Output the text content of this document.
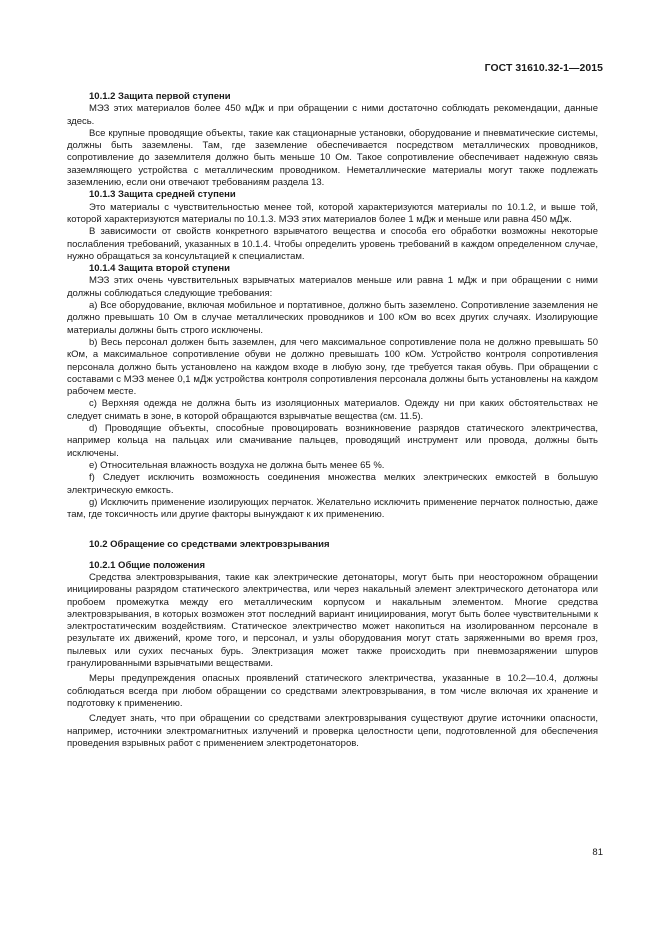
ГОСТ 31610.32-1—2015
10.1.2 Защита первой ступени

МЭЗ этих материалов более 450 мДж и при обращении с ними достаточно соблюдать рекомендации, данные здесь.

Все крупные проводящие объекты, такие как стационарные установки, оборудование и пневматические системы, должны быть заземлены. Там, где заземление обеспечивается посредством металлических проводников, сопротивление до заземлителя должно быть меньше 10 Ом. Такое сопротивление обеспечивает надежную связь заземляющего устройства с металлическим проводником. Неметаллические материалы могут также подлежать заземлению, если они отвечают требованиям раздела 13.

10.1.3 Защита средней ступени

Это материалы с чувствительностью менее той, которой характеризуются материалы по 10.1.2, и выше той, которой характеризуются материалы по 10.1.3. МЭЗ этих материалов более 1 мДж и меньше или равна 450 мДж.

В зависимости от свойств конкретного взрывчатого вещества и способа его обработки возможны некоторые послабления требований, указанных в 10.1.4. Чтобы определить уровень требований в каждом определенном случае, нужно обращаться за консультацией к специалистам.

10.1.4 Защита второй ступени

МЭЗ этих очень чувствительных взрывчатых материалов меньше или равна 1 мДж и при обращении с ними должны соблюдаться следующие требования:

a) Все оборудование, включая мобильное и портативное, должно быть заземлено. Сопротивление заземления не должно превышать 10 Ом в случае металлических проводников и 100 кОм во всех других случаях. Изолирующие материалы должны быть строго исключены.

b) Весь персонал должен быть заземлен, для чего максимальное сопротивление пола не должно превышать 50 кОм, а максимальное сопротивление обуви не должно превышать 100 кОм. Устройство контроля сопротивления персонала должно быть установлено на каждом входе в любую зону, где требуется такая обувь. При обращении с составами с МЭЗ менее 0,1 мДж устройства контроля сопротивления персонала должны быть установлены на каждом рабочем месте.

c) Верхняя одежда не должна быть из изоляционных материалов. Одежду ни при каких обстоятельствах не следует снимать в зоне, в которой обращаются взрывчатые вещества (см. 11.5).

d) Проводящие объекты, способные провоцировать возникновение разрядов статического электричества, например кольца на пальцах или смачивание пальцев, проводящий инструмент или провода, должны быть исключены.

e) Относительная влажность воздуха не должна быть менее 65 %.

f) Следует исключить возможность соединения множества мелких электрических емкостей в большую электрическую емкость.

g) Исключить применение изолирующих перчаток. Желательно исключить применение перчаток полностью, даже там, где токсичность или другие факторы вынуждают к их применению.

10.2 Обращение со средствами электровзрывания
10.2.1 Общие положения

Средства электровзрывания, такие как электрические детонаторы, могут быть при неосторожном обращении инициированы разрядом статического электричества, или через накальный элемент электрического детонатора или пробоем промежутка между его металлическим корпусом и накальным элементом. Многие средства электровзрывания, в которых возможен этот последний вариант инициирования, могут быть более чувствительными к электростатическим воздействиям. Статическое электричество может накопиться на изолированном персонале в результате их движений, кроме того, и персонал, и узлы оборудования могут стать заряженными во время гроз, пылевых или сухих песчаных бурь. Электризация может также происходить при пневмозаряжении шпуров гранулированными взрывчатыми веществами.

Меры предупреждения опасных проявлений статического электричества, указанные в 10.2—10.4, должны соблюдаться всегда при любом обращении со средствами электровзрывания, в том числе включая их хранение и подготовку к применению.

Следует знать, что при обращении со средствами электровзрывания существуют другие источники опасности, например, источники электромагнитных излучений и проверка целостности цепи, подготовленной для обеспечения проведения взрывных работ с применением электродетонаторов.

81
